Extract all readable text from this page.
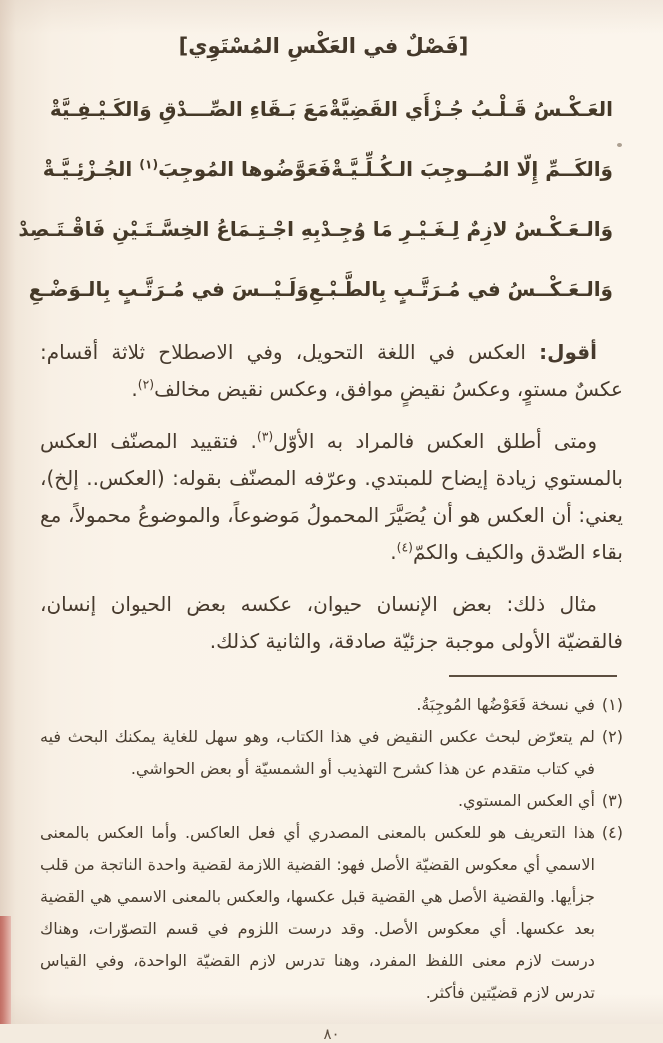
[فَصْلٌ في العَكْسِ المُسْتَوِي]
العَـكْـسُ قَـلْـبُ جُـزْأَي القَضِيَّةْ
مَعَ بَـقَاءِ الصِّـــدْقِ وَالكَـيْـفِـيَّةْ
وَالكَــمِّ إِلّا المُــوجِبَ الـكُـلِّـيَّـةْ
فَعَوَّضُوها المُوجِبَ$^{(١)}$ الجُـزْئِـيَّـةْ
وَالـعَـكْـسُ لازِمٌ لِـغَـيْـرِ مَا وُجِـدْ
بِهِ اجْـتِـمَاعُ الخِسَّـتَـيْنِ فَاقْـتَـصِدْ
وَالـعَـكْــسُ في مُـرَتَّـبٍ بِالطَّـبْـعِ
وَلَـيْــسَ في مُـرَتَّـبٍ بِالـوَضْـعِ

أقول: العكس في اللغة التحويل، وفي الاصطلاح ثلاثة أقسام: عكسٌ مستوٍ، وعكسُ نقيضٍ موافق، وعكس نقيض مخالف$^{(٢)}$.

ومتى أطلق العكس فالمراد به الأوّل$^{(٣)}$. فتقييد المصنّف العكس بالمستوي زيادة إيضاح للمبتدي. وعرّفه المصنّف بقوله: (العكس.. إلخ)، يعني: أن العكس هو أن يُصَيَّرَ المحمولُ مَوضوعاً، والموضوعُ محمولاً، مع بقاء الصّدق والكيف والكمّ$^{(٤)}$.

مثال ذلك: بعض الإنسان حيوان، عكسه بعض الحيوان إنسان، فالقضيّة الأولى موجبة جزئيّة صادقة، والثانية كذلك.

(١)
في نسخة فَعَوْضُها المُوجِبَةُ.
(٢)
لم يتعرّض لبحث عكس النقيض في هذا الكتاب، وهو سهل للغاية يمكنك البحث فيه في كتاب متقدم عن هذا كشرح التهذيب أو الشمسيّة أو بعض الحواشي.
(٣)
أي العكس المستوي.
(٤)
هذا التعريف هو للعكس بالمعنى المصدري أي فعل العاكس. وأما العكس بالمعنى الاسمي أي معكوس القضيّة الأصل فهو: القضية اللازمة لقضية واحدة الناتجة من قلب جزأيها. والقضية الأصل هي القضية قبل عكسها، والعكس بالمعنى الاسمي هي القضية بعد عكسها. أي معكوس الأصل. وقد درست اللزوم في قسم التصوّرات، وهناك درست لازم معنى اللفظ المفرد، وهنا تدرس لازم القضيّة الواحدة، وفي القياس تدرس لازم قضيّتين فأكثر.
٨٠
